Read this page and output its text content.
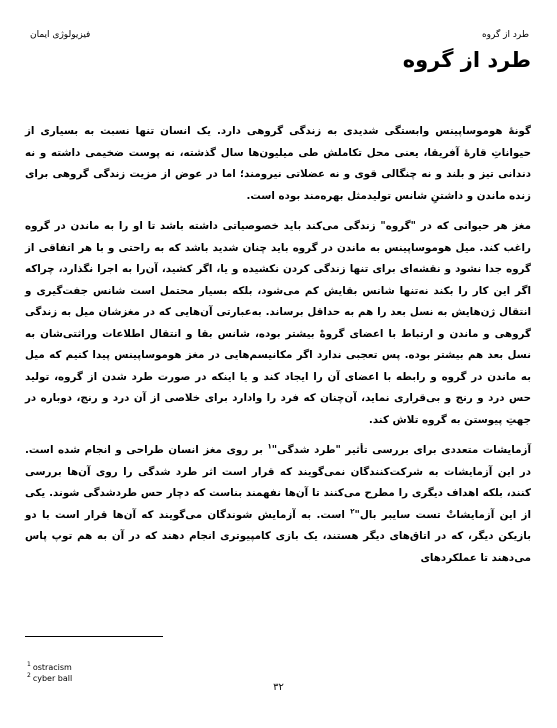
طرد از گروه
فیزیولوژی ایمان
طرد از گروه

گونۀ هوموساپینس وابستگی شدیدی به زندگی گروهی دارد. یک انسان تنها نسبت به بسیاری از حیواناتِ قارۀ آفریقا، یعنی محل تکاملش طی میلیون‌ها سال گذشته، نه پوست ضخیمی داشته و نه دندانی تیز و بلند و نه چنگالی قوی و نه عضلاتی نیرومند؛ اما در عوض از مزیت زندگی گروهی برای زنده ماندن و داشتنِ شانس تولیدمثل بهره‌مند بوده است.

مغز هر حیوانی که در "گروه" زندگی می‌کند باید خصوصیاتی داشته باشد تا او را به ماندن در گروه راغب کند. میل هوموساپینس به ماندن در گروه باید چنان شدید باشد که به راحتی و با هر اتفاقی از گروه جدا نشود و نقشه‌ای برای تنها زندگی کردن نکشیده و یا، اگر کشید، آن‌را به اجرا نگذارد، چراکه اگر این کار را بکند نه‌تنها شانس بقایش کم می‌شود، بلکه بسیار محتمل است شانس جفت‌گیری و انتقال ژن‌هایش به نسل بعد را هم به حداقل برساند. به‌عبارتی آن‌هایی که در مغزشان میل به زندگی گروهی و ماندن و ارتباط با اعضای گروهْ بیشتر بوده، شانس بقا و انتقال اطلاعات وراثتی‌شان به نسل بعد هم بیشتر بوده. پس تعجبی ندارد اگر مکانیسم‌هایی در مغز هوموساپینس پیدا کنیم که میل به ماندن در گروه و رابطه با اعضای آن را ایجاد کند و یا اینکه در صورت طرد شدن از گروه، تولید حس درد و رنج و بی‌قراری نماید، آن‌چنان که فرد را وادارد برای خلاصی از آن درد و رنج، دوباره در جهتِ پیوستن به گروه تلاش کند.

آزمایشات متعددی برای بررسی تأثیر "طرد شدگی"$^۱$ بر روی مغز انسان طراحی و انجام شده است. در این آزمایشات به شرکت‌کنندگان نمی‌گویند که قرار است اثر طرد شدگی را روی آن‌ها بررسی کنند، بلکه اهداف دیگری را مطرح می‌کنند تا آن‌ها نفهمند بناست که دچار حس طردشدگی شوند. یکی از این آزمایشاتْ تست سایبر بال"$^۲$ است. به آزمایش شوندگان می‌گویند که آن‌ها قرار است با دو بازیکن دیگر، که در اتاق‌های دیگر هستند، یک بازی کامپیوتری انجام دهند که در آن به هم توپ پاس می‌دهند تا عملکردهای

$^1$ ostracism
$^2$ cyber ball
۳۲
